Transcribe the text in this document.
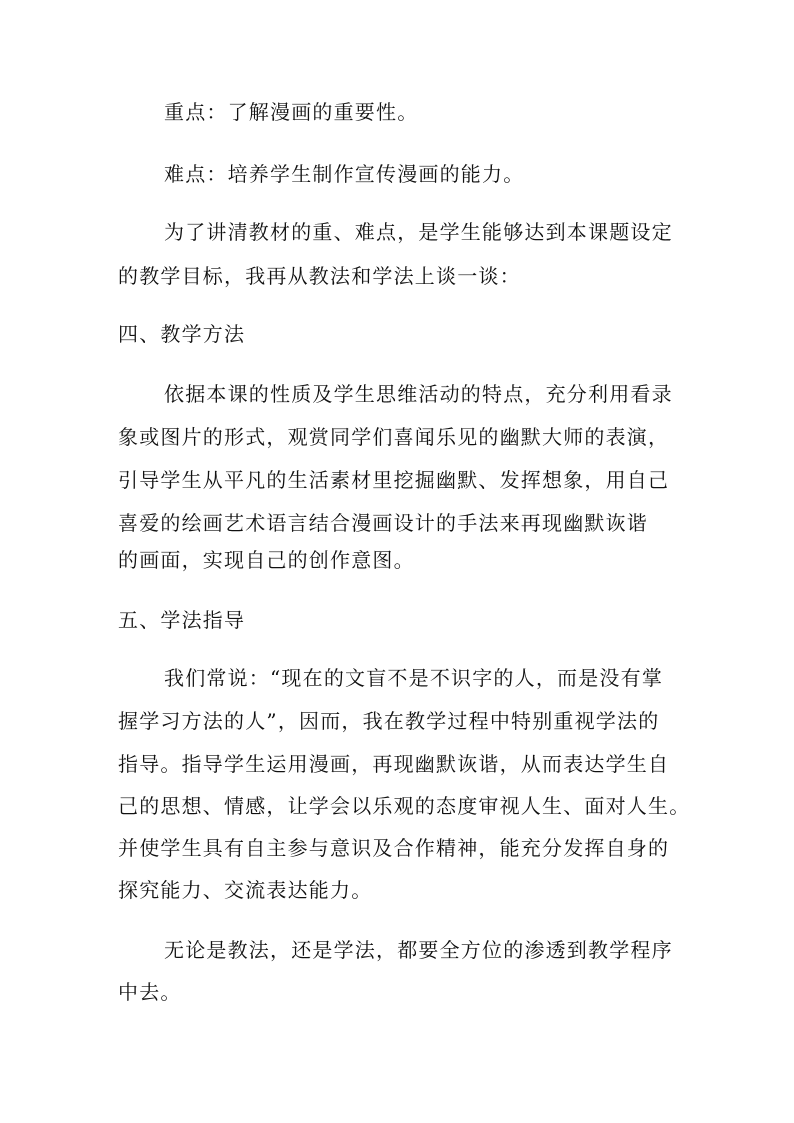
重点：了解漫画的重要性。
难点：培养学生制作宣传漫画的能力。
为了讲清教材的重、难点，是学生能够达到本课题设定
的教学目标，我再从教法和学法上谈一谈：
四、教学方法
依据本课的性质及学生思维活动的特点，充分利用看录
象或图片的形式，观赏同学们喜闻乐见的幽默大师的表演，
引导学生从平凡的生活素材里挖掘幽默、发挥想象，用自己
喜爱的绘画艺术语言结合漫画设计的手法来再现幽默诙谐
的画面，实现自己的创作意图。
五、学法指导
我们常说：“现在的文盲不是不识字的人，而是没有掌
握学习方法的人”，因而，我在教学过程中特别重视学法的
指导。指导学生运用漫画，再现幽默诙谐，从而表达学生自
己的思想、情感，让学会以乐观的态度审视人生、面对人生。
并使学生具有自主参与意识及合作精神，能充分发挥自身的
探究能力、交流表达能力。
无论是教法，还是学法，都要全方位的渗透到教学程序
中去。
